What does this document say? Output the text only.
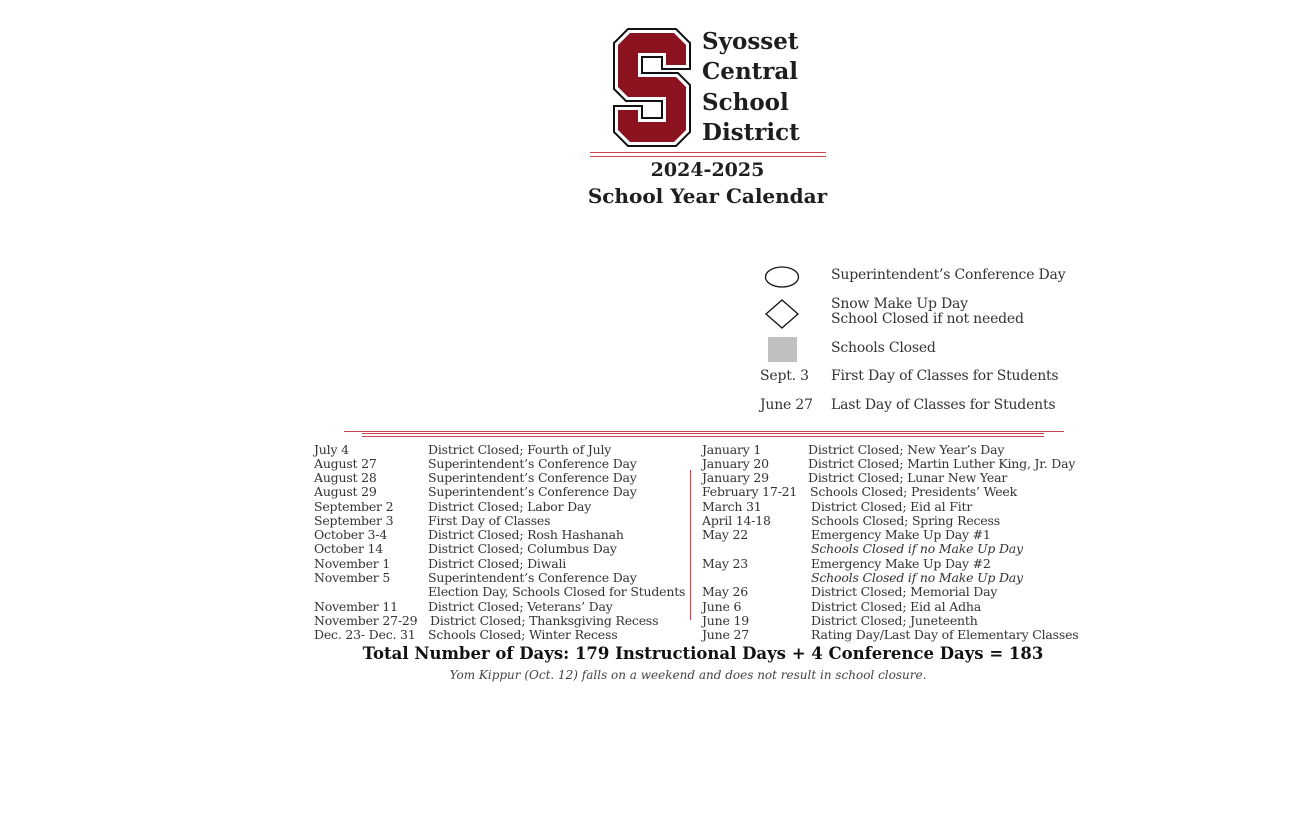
Syosset
Central
School
District
2024-2025
School Year Calendar
Superintendent’s Conference Day
Snow Make Up Day
School Closed if not needed
Schools Closed
Sept. 3 First Day of Classes for Students
June 27 Last Day of Classes for Students
July 4	District Closed; Fourth of July
August 27	Superintendent’s Conference Day
August 28	Superintendent’s Conference Day
August 29	Superintendent’s Conference Day
September 2	District Closed; Labor Day
September 3	First Day of Classes
October 3-4	District Closed; Rosh Hashanah
October 14	District Closed; Columbus Day
November 1	District Closed; Diwali
November 5	Superintendent’s Conference Day
Election Day, Schools Closed for Students
November 11 District Closed; Veterans’ Day
November 27-29 District Closed; Thanksgiving Recess
Dec. 23- Dec. 31 Schools Closed; Winter Recess
January 1	District Closed; New Year’s Day
January 20	District Closed; Martin Luther King, Jr. Day
January 29	District Closed; Lunar New Year
February 17-21 Schools Closed; Presidents’ Week
March 31	District Closed; Eid al Fitr
April 14-18	Schools Closed; Spring Recess
May 22	Emergency Make Up Day #1
Schools Closed if no Make Up Day
May 23	Emergency Make Up Day #2
Schools Closed if no Make Up Day
May 26	District Closed; Memorial Day
June 6	District Closed; Eid al Adha
June 19	District Closed; Juneteenth
June 27	Rating Day/Last Day of Elementary Classes
Total Number of Days: 179 Instructional Days + 4 Conference Days = 183
Yom Kippur (Oct. 12) falls on a weekend and does not result in school closure.
